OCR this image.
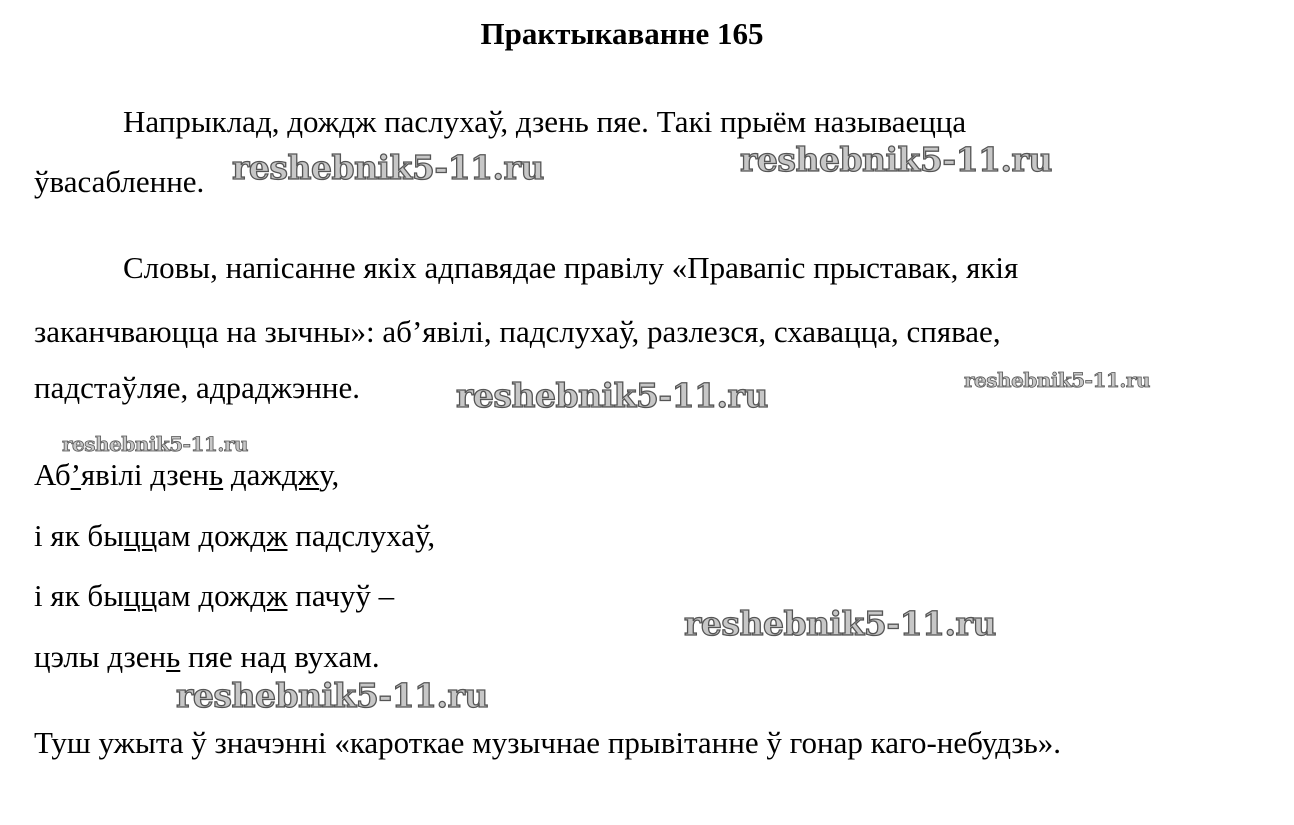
Практыкаванне 165
Напрыклад, дождж паслухаў, дзень пяе. Такі прыём называецца
ўвасабленне.
Словы, напісанне якіх адпавядае правілу «Правапіс прыставак, якія
заканчваюцца на зычны»: аб’явілі, падслухаў, разлезся, схавацца, спявае,
падстаўляе, адраджэнне.
Аб’явілі дзень дажджу,
і як быццам дождж падслухаў,
і як быццам дождж пачуў –
цэлы дзень пяе над вухам.
Туш ужыта ў значэнні «кароткае музычнае прывітанне ў гонар каго-небудзь».
reshebnik5-11.ru	reshebnik5-11.ru
reshebnik5-11.ru	reshebnik5-11.ru
reshebnik5-11.ru
reshebnik5-11.ru
reshebnik5-11.ru
